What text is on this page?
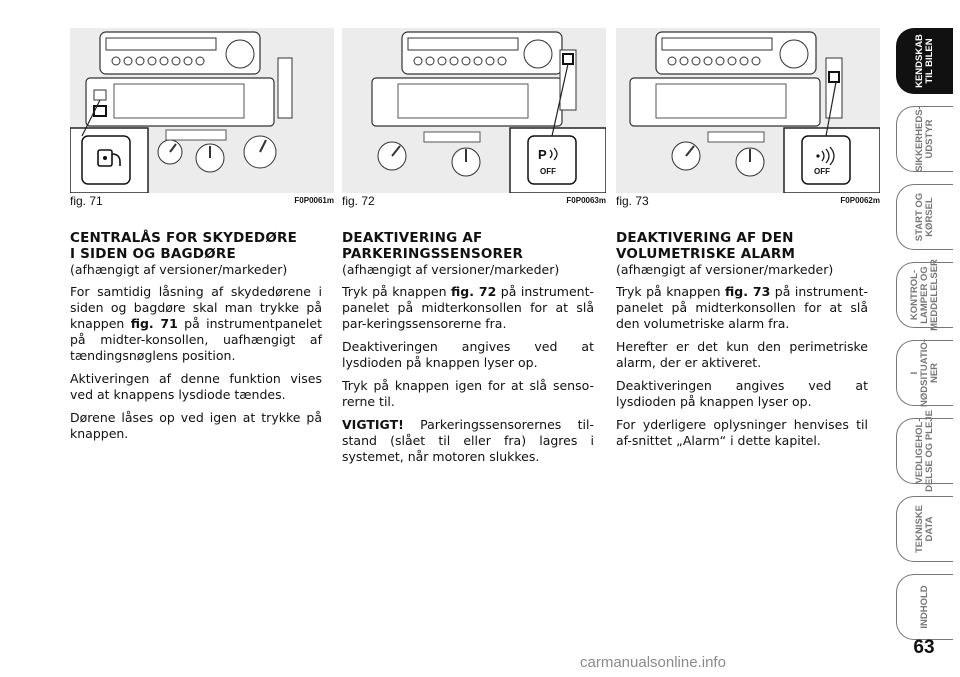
P
OFF	OFF
fig. 71	F0P0061m fig. 72	F0P0063m fig. 73	F0P0062m
CENTRALÅS FOR SKYDEDØRE
I SIDEN OG BAGDØRE
(afhængigt af versioner/markeder)

For samtidig låsning af skydedørene i siden og bagdøre skal man trykke på knappen fig. 71 på instrumentpanelet på midter-konsollen, uafhængigt af tændingsnøglens position.

Aktiveringen af denne funktion vises ved at knappens lysdiode tændes.

Dørene låses op ved igen at trykke på knappen.

DEAKTIVERING AF
PARKERINGSSENSORER
(afhængigt af versioner/markeder)

Tryk på knappen fig. 72 på instrument-panelet på midterkonsollen for at slå par-keringssensorerne fra.

Deaktiveringen angives ved at lysdioden på knappen lyser op.

Tryk på knappen igen for at slå senso-rerne til.

VIGTIGT! Parkeringssensorernes til-stand (slået til eller fra) lagres i systemet, når motoren slukkes.

DEAKTIVERING AF DEN
VOLUMETRISKE ALARM
(afhængigt af versioner/markeder)

Tryk på knappen fig. 73 på instrument-panelet på midterkonsollen for at slå den volumetriske alarm fra.

Herefter er det kun den perimetriske alarm, der er aktiveret.

Deaktiveringen angives ved at lysdioden på knappen lyser op.

For yderligere oplysninger henvises til af-snittet „Alarm“ i dette kapitel.

KENDSKAB
TIL BILEN
SIKKERHEDS-
UDSTYR
START OG
KØRSEL
KONTROL-
LAMPER OG
MEDDELELSER
I
NØDSITUATIO-
NER
VEDLIGEHOL-
DELSE OG PLEJE
TEKNISKE
DATA
INDHOLD
63
carmanualsonline.info
